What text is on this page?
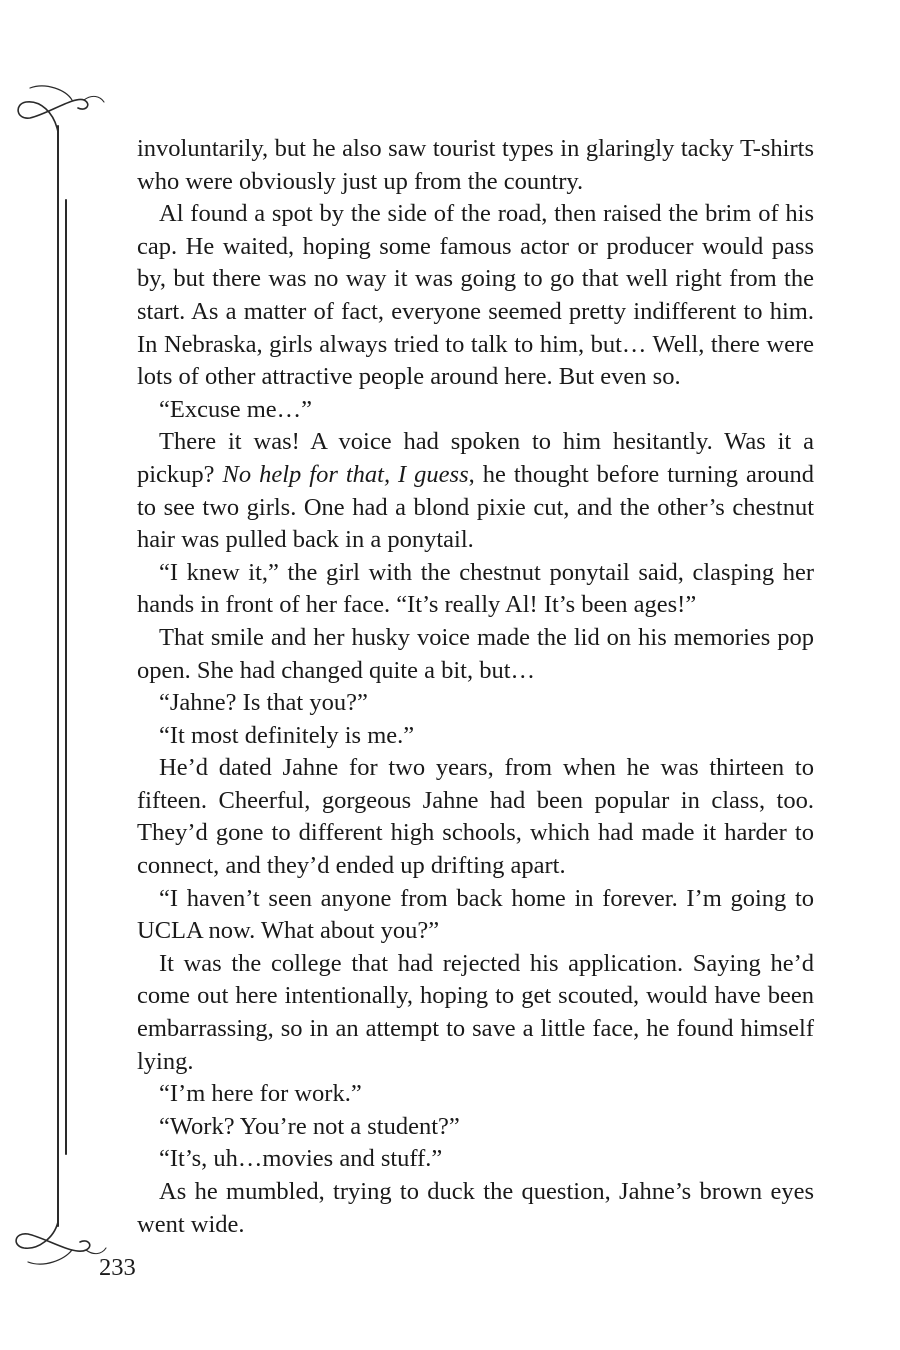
involuntarily, but he also saw tourist types in glaringly tacky T-shirts who were obviously just up from the country.

Al found a spot by the side of the road, then raised the brim of his cap. He waited, hoping some famous actor or producer would pass by, but there was no way it was going to go that well right from the start. As a matter of fact, everyone seemed pretty indifferent to him. In Nebraska, girls always tried to talk to him, but… Well, there were lots of other attractive people around here. But even so.

“Excuse me…”

There it was! A voice had spoken to him hesitantly. Was it a pickup? No help for that, I guess, he thought before turning around to see two girls. One had a blond pixie cut, and the other’s chestnut hair was pulled back in a ponytail.

“I knew it,” the girl with the chestnut ponytail said, clasping her hands in front of her face. “It’s really Al! It’s been ages!”

That smile and her husky voice made the lid on his memories pop open. She had changed quite a bit, but…

“Jahne? Is that you?”

“It most definitely is me.”

He’d dated Jahne for two years, from when he was thirteen to fifteen. Cheerful, gorgeous Jahne had been popular in class, too. They’d gone to different high schools, which had made it harder to connect, and they’d ended up drifting apart.

“I haven’t seen anyone from back home in forever. I’m going to UCLA now. What about you?”

It was the college that had rejected his application. Saying he’d come out here intentionally, hoping to get scouted, would have been embarrassing, so in an attempt to save a little face, he found himself lying.

“I’m here for work.”

“Work? You’re not a student?”

“It’s, uh…movies and stuff.”

As he mumbled, trying to duck the question, Jahne’s brown eyes went wide.

233
